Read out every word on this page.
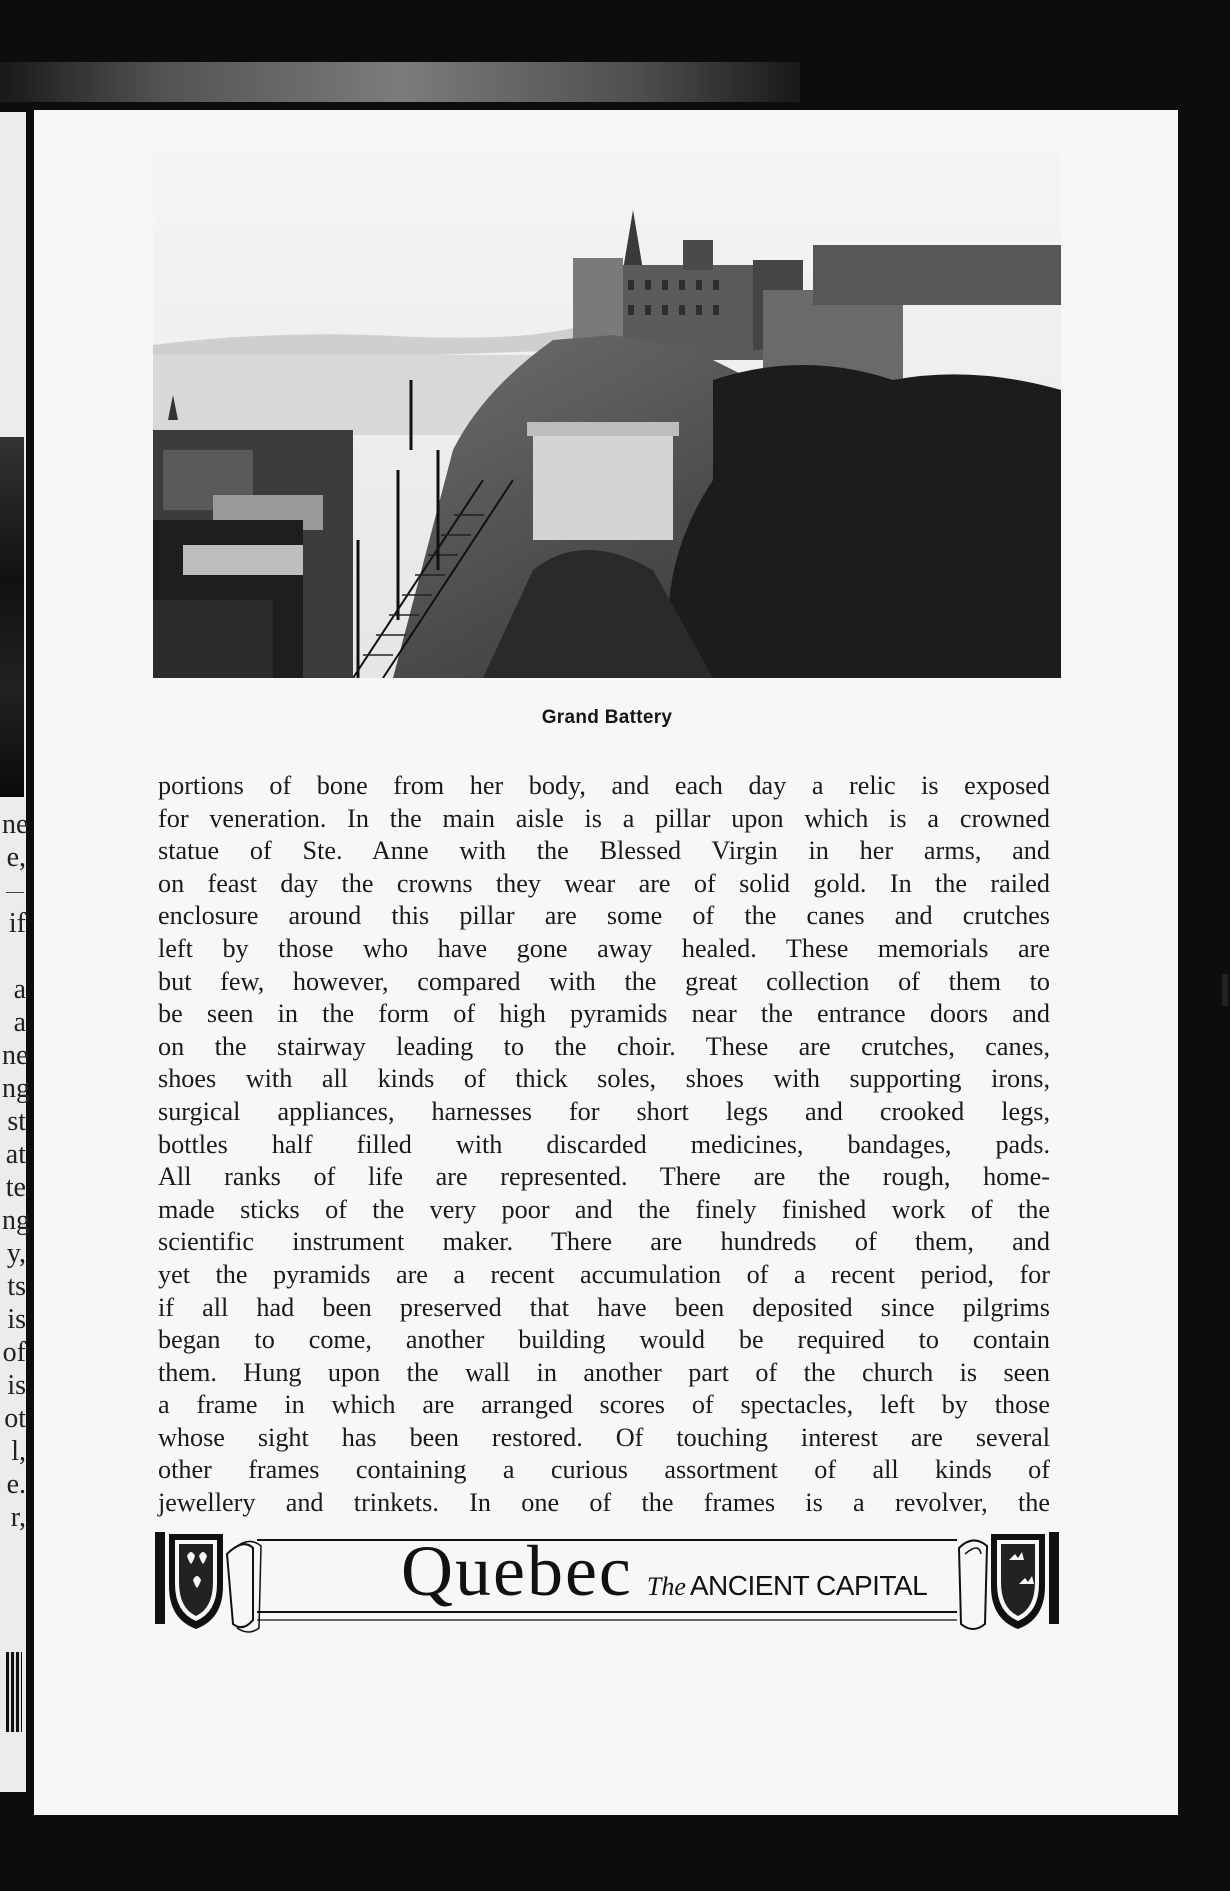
ne
e,
if
a
a
ne
ng
st
at
te
ng
y,
ts
is
of
is
ot
l,
e.
r,
Grand Battery
portions of bone from her body, and each day a relic is exposed
for veneration. In the main aisle is a pillar upon which is a crowned
statue of Ste. Anne with the Blessed Virgin in her arms, and
on feast day the crowns they wear are of solid gold. In the railed
enclosure around this pillar are some of the canes and crutches
left by those who have gone away healed. These memorials are
but few, however, compared with the great collection of them to
be seen in the form of high pyramids near the entrance doors and
on the stairway leading to the choir. These are crutches, canes,
shoes with all kinds of thick soles, shoes with supporting irons,
surgical appliances, harnesses for short legs and crooked legs,
bottles half filled with discarded medicines, bandages, pads.
All ranks of life are represented. There are the rough, home-
made sticks of the very poor and the finely finished work of the
scientific instrument maker. There are hundreds of them, and
yet the pyramids are a recent accumulation of a recent period, for
if all had been preserved that have been deposited since pilgrims
began to come, another building would be required to contain
them. Hung upon the wall in another part of the church is seen
a frame in which are arranged scores of spectacles, left by those
whose sight has been restored. Of touching interest are several
other frames containing a curious assortment of all kinds of
jewellery and trinkets. In one of the frames is a revolver, the
Quebec The ANCIENT CAPITAL
